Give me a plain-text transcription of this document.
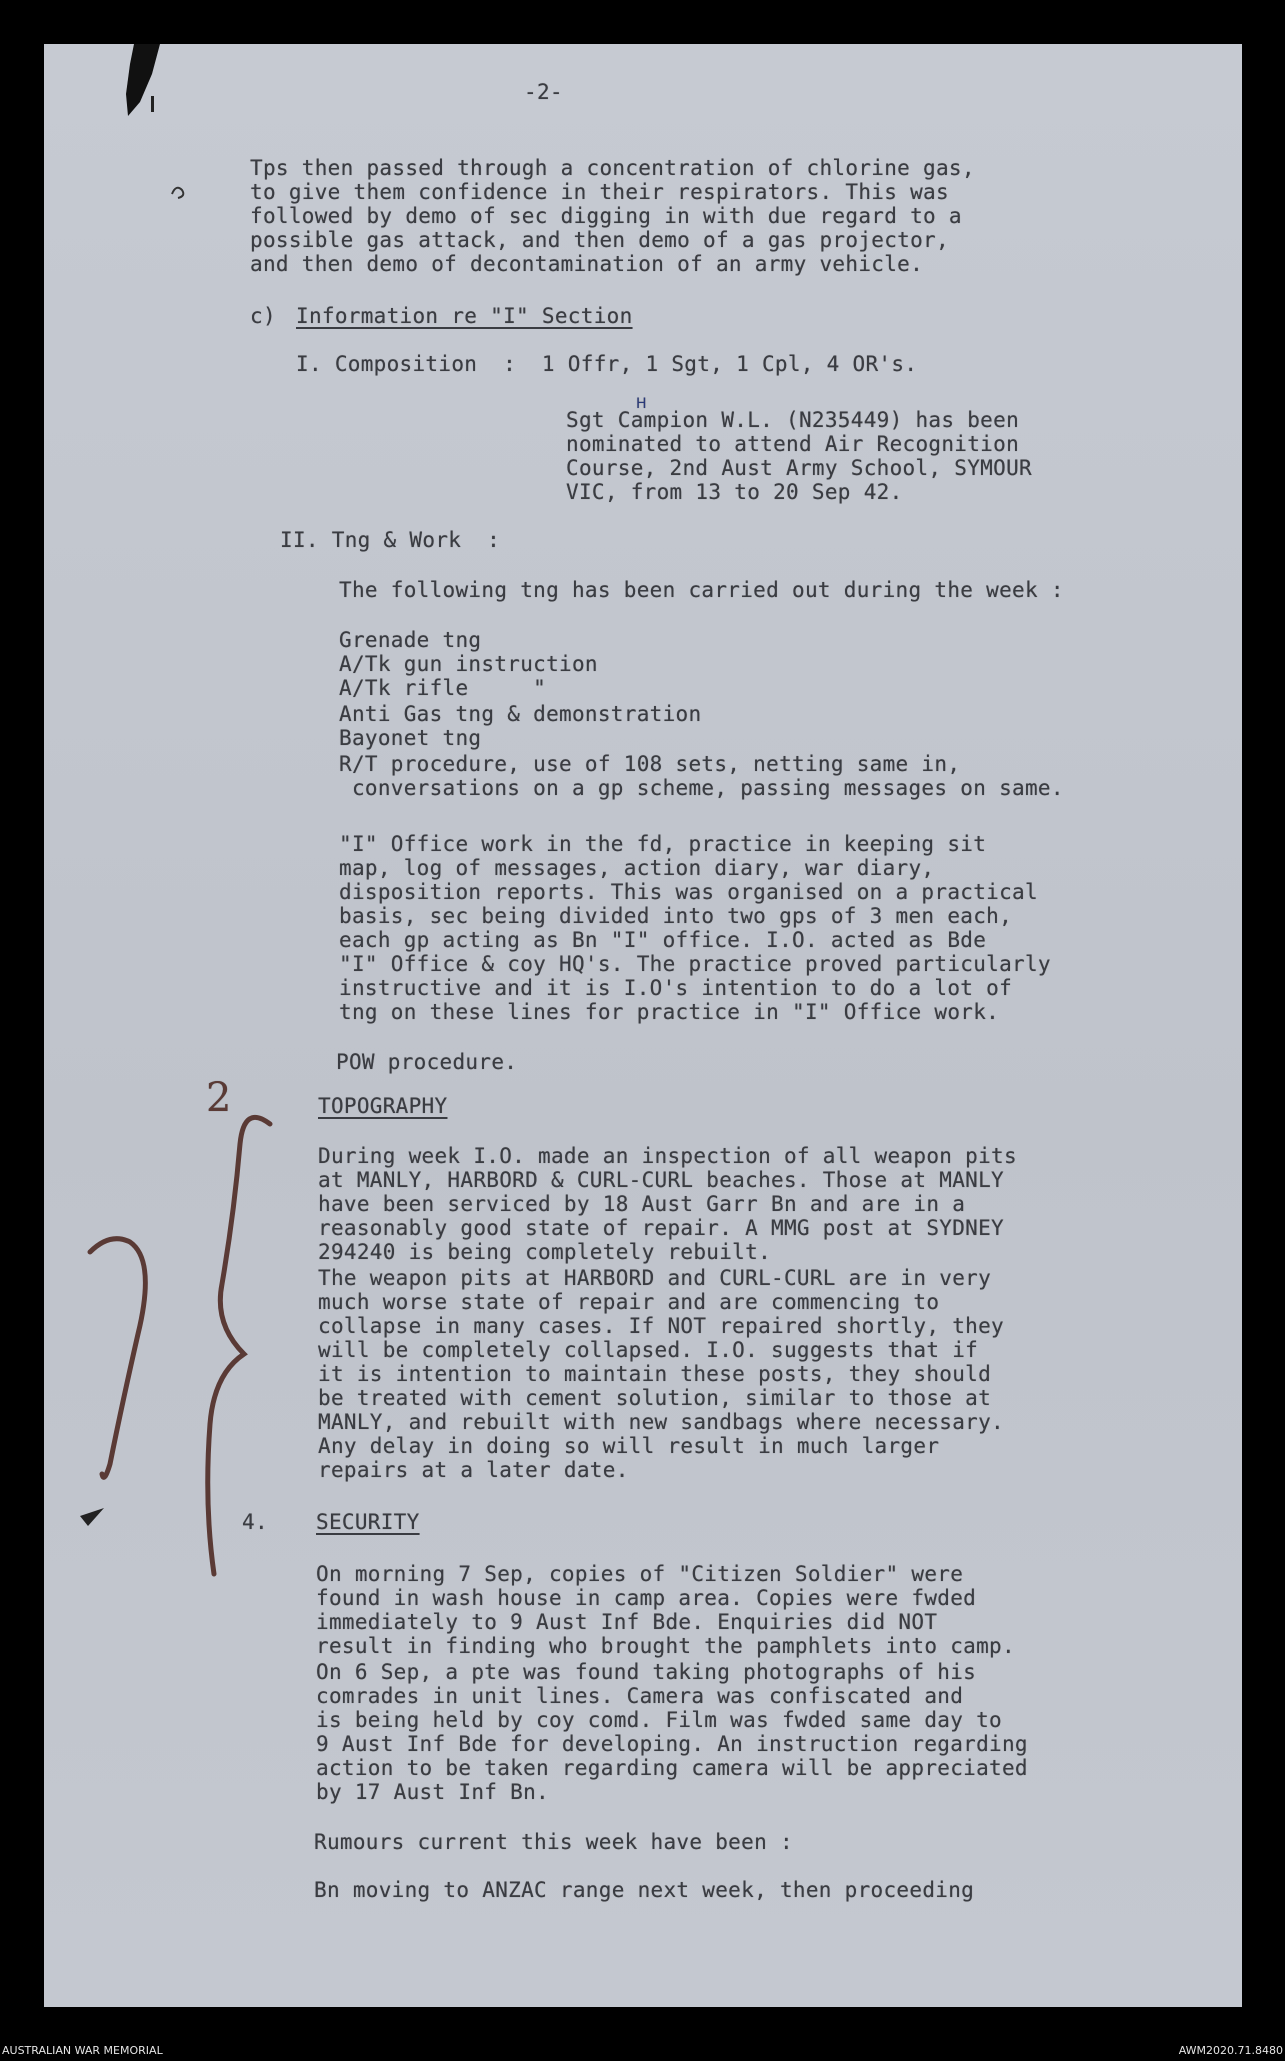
-2-
Tps then passed through a concentration of chlorine gas,
to give them confidence in their respirators. This was
followed by demo of sec digging in with due regard to a
possible gas attack, and then demo of a gas projector,
and then demo of decontamination of an army vehicle.
c) Information re "I" Section
I. Composition  :  1 Offr, 1 Sgt, 1 Cpl, 4 OR's.
H
Sgt Campion W.L. (N235449) has been
nominated to attend Air Recognition
Course, 2nd Aust Army School, SYMOUR
VIC, from 13 to 20 Sep 42.
II. Tng & Work  :
The following tng has been carried out during the week :
Grenade tng
A/Tk gun instruction
A/Tk rifle     "
Anti Gas tng & demonstration
Bayonet tng
R/T procedure, use of 108 sets, netting same in,
conversations on a gp scheme, passing messages on same.
"I" Office work in the fd, practice in keeping sit
map, log of messages, action diary, war diary,
disposition reports. This was organised on a practical
basis, sec being divided into two gps of 3 men each,
each gp acting as Bn "I" office. I.O. acted as Bde
"I" Office & coy HQ's. The practice proved particularly
instructive and it is I.O's intention to do a lot of
tng on these lines for practice in "I" Office work.
POW procedure.
2	TOPOGRAPHY
During week I.O. made an inspection of all weapon pits
at MANLY, HARBORD & CURL-CURL beaches. Those at MANLY
have been serviced by 18 Aust Garr Bn and are in a
reasonably good state of repair. A MMG post at SYDNEY
294240 is being completely rebuilt.
The weapon pits at HARBORD and CURL-CURL are in very
much worse state of repair and are commencing to
collapse in many cases. If NOT repaired shortly, they
will be completely collapsed. I.O. suggests that if
it is intention to maintain these posts, they should
be treated with cement solution, similar to those at
MANLY, and rebuilt with new sandbags where necessary.
Any delay in doing so will result in much larger
repairs at a later date.
4. SECURITY
On morning 7 Sep, copies of "Citizen Soldier" were
found in wash house in camp area. Copies were fwded
immediately to 9 Aust Inf Bde. Enquiries did NOT
result in finding who brought the pamphlets into camp.
On 6 Sep, a pte was found taking photographs of his
comrades in unit lines. Camera was confiscated and
is being held by coy comd. Film was fwded same day to
9 Aust Inf Bde for developing. An instruction regarding
action to be taken regarding camera will be appreciated
by 17 Aust Inf Bn.
Rumours current this week have been :
Bn moving to ANZAC range next week, then proceeding
AUSTRALIAN WAR MEMORIAL	AWM2020.71.8480
